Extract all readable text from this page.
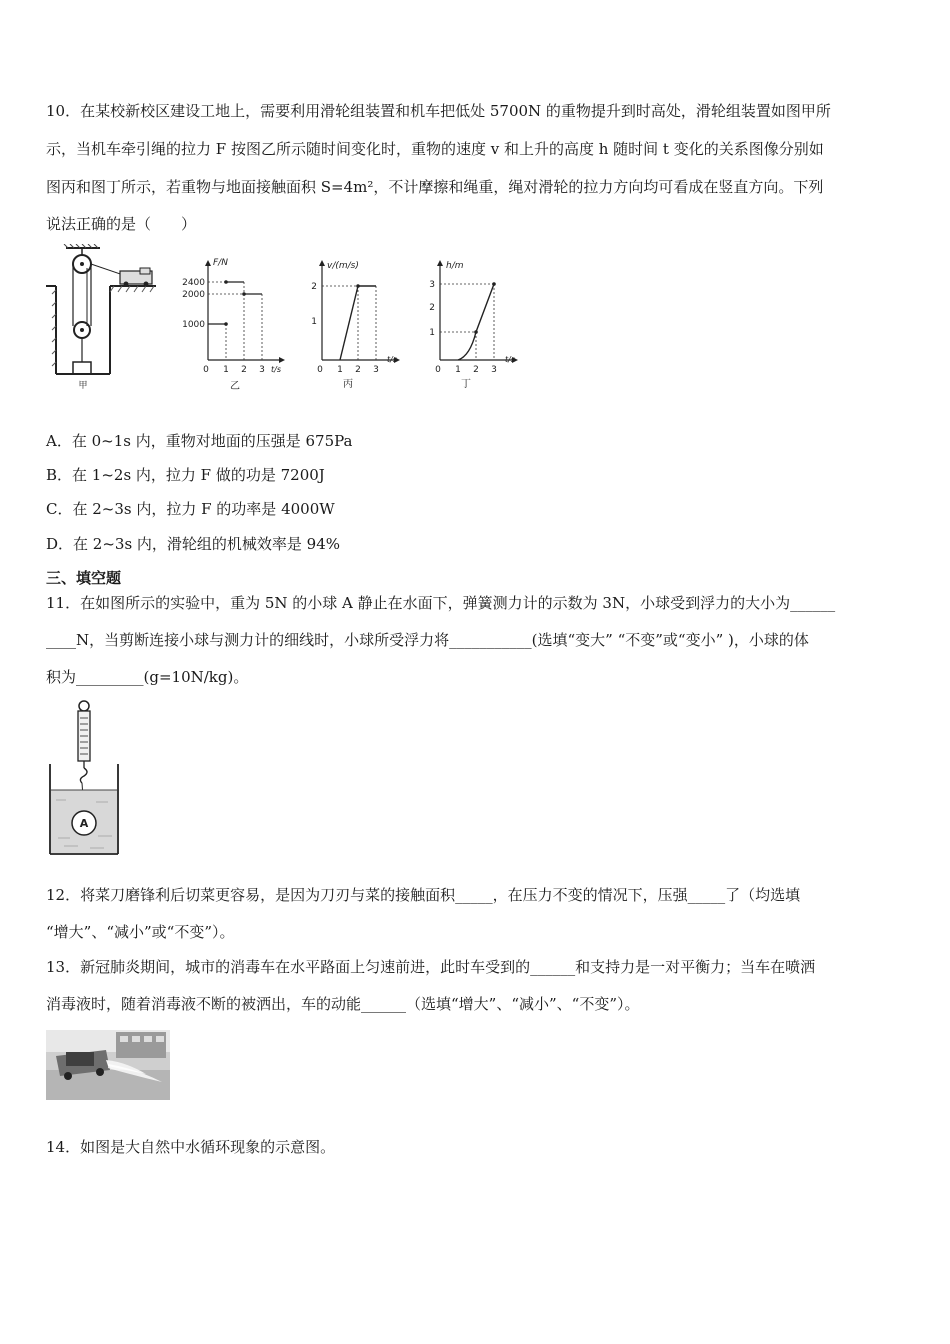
10．在某校新校区建设工地上，需要利用滑轮组装置和机车把低处 5700N 的重物提升到时高处，滑轮组装置如图甲所
示，当机车牵引绳的拉力 F 按图乙所示随时间变化时，重物的速度 v 和上升的高度 h 随时间 t 变化的关系图像分别如
图丙和图丁所示，若重物与地面接触面积 S=4m²，不计摩擦和绳重，绳对滑轮的拉力方向均可看成在竖直方向。下列
说法正确的是（　　）
甲
F/N
t/s
2400
2000
1000
0 1 2 3
乙
v/(m/s)
t/s
2
1
0 1 2 3
丙
h/m
t/s
3
2
1
0 1 2 3
丁
A．在 0~1s 内，重物对地面的压强是 675Pa
B．在 1~2s 内，拉力 F 做的功是 7200J
C．在 2~3s 内，拉力 F 的功率是 4000W
D．在 2~3s 内，滑轮组的机械效率是 94%
三、填空题
11．在如图所示的实验中，重为 5N 的小球 A 静止在水面下，弹簧测力计的示数为 3N，小球受到浮力的大小为______
____N，当剪断连接小球与测力计的细线时，小球所受浮力将___________(选填“变大” “不变”或“变小” )，小球的体
积为_________(g=10N/kg)。
A
12．将菜刀磨锋利后切菜更容易，是因为刀刃与菜的接触面积_____，在压力不变的情况下，压强_____了（均选填
“增大”、“减小”或“不变”）。
13．新冠肺炎期间，城市的消毒车在水平路面上匀速前进，此时车受到的______和支持力是一对平衡力；当车在喷洒
消毒液时，随着消毒液不断的被洒出，车的动能______（选填“增大”、“减小”、“不变”）。
14．如图是大自然中水循环现象的示意图。
